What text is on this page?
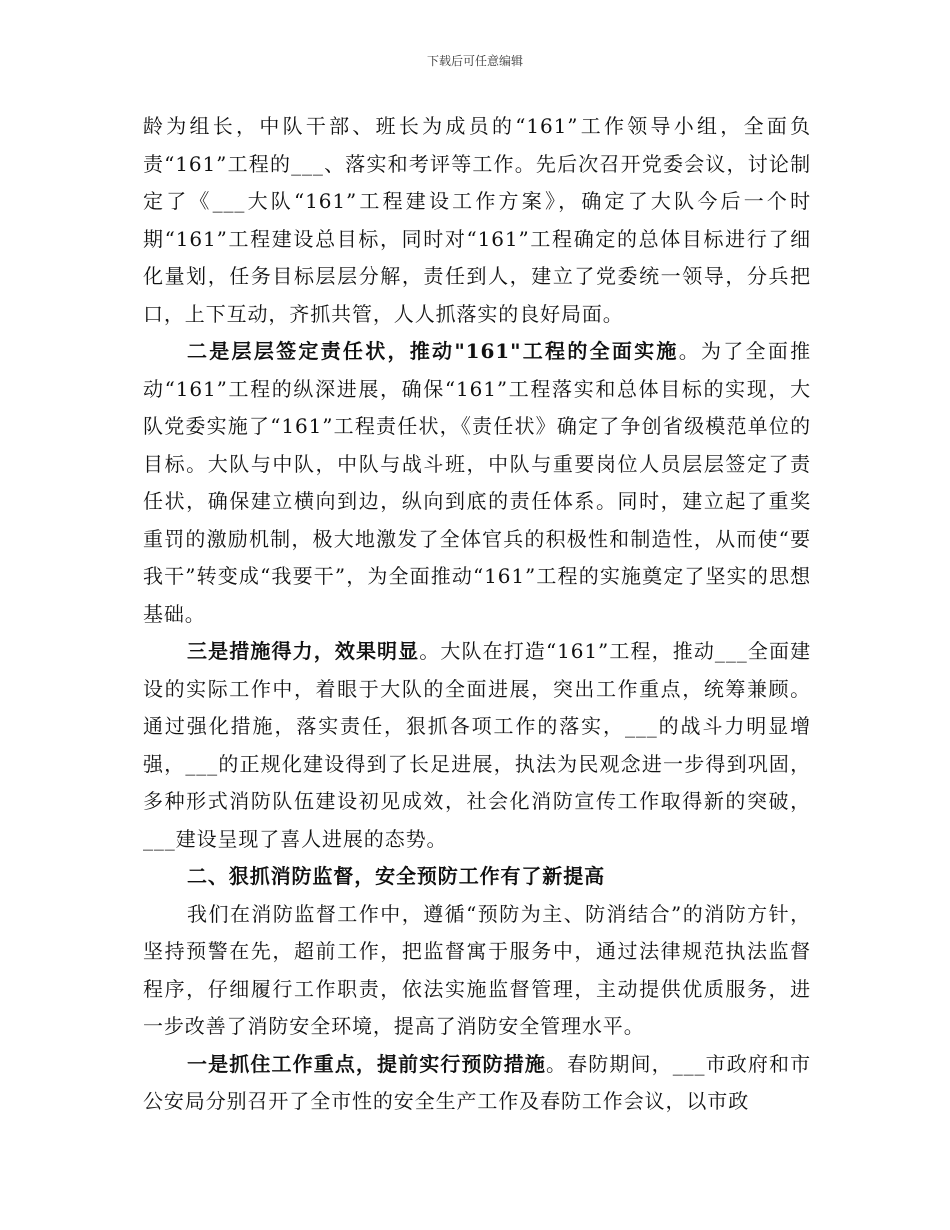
下载后可任意编辑

龄为组长，中队干部、班长为成员的“161”工作领导小组，全面负责“161”工程的___、落实和考评等工作。先后次召开党委会议，讨论制定了《___大队“161”工程建设工作方案》，确定了大队今后一个时期“161”工程建设总目标，同时对“161”工程确定的总体目标进行了细化量划，任务目标层层分解，责任到人，建立了党委统一领导，分兵把口，上下互动，齐抓共管，人人抓落实的良好局面。

二是层层签定责任状，推动"161"工程的全面实施。为了全面推动“161”工程的纵深进展，确保“161”工程落实和总体目标的实现，大队党委实施了“161”工程责任状，《责任状》确定了争创省级模范单位的目标。大队与中队，中队与战斗班，中队与重要岗位人员层层签定了责任状，确保建立横向到边，纵向到底的责任体系。同时，建立起了重奖重罚的激励机制，极大地激发了全体官兵的积极性和制造性，从而使“要我干”转变成“我要干”，为全面推动“161”工程的实施奠定了坚实的思想基础。

三是措施得力，效果明显。大队在打造“161”工程，推动___全面建设的实际工作中，着眼于大队的全面进展，突出工作重点，统筹兼顾。通过强化措施，落实责任，狠抓各项工作的落实，___的战斗力明显增强，___的正规化建设得到了长足进展，执法为民观念进一步得到巩固，多种形式消防队伍建设初见成效，社会化消防宣传工作取得新的突破，___建设呈现了喜人进展的态势。

二、狠抓消防监督，安全预防工作有了新提高

我们在消防监督工作中，遵循“预防为主、防消结合”的消防方针，坚持预警在先，超前工作，把监督寓于服务中，通过法律规范执法监督程序，仔细履行工作职责，依法实施监督管理，主动提供优质服务，进一步改善了消防安全环境，提高了消防安全管理水平。

一是抓住工作重点，提前实行预防措施。春防期间，___市政府和市公安局分别召开了全市性的安全生产工作及春防工作会议，以市政
